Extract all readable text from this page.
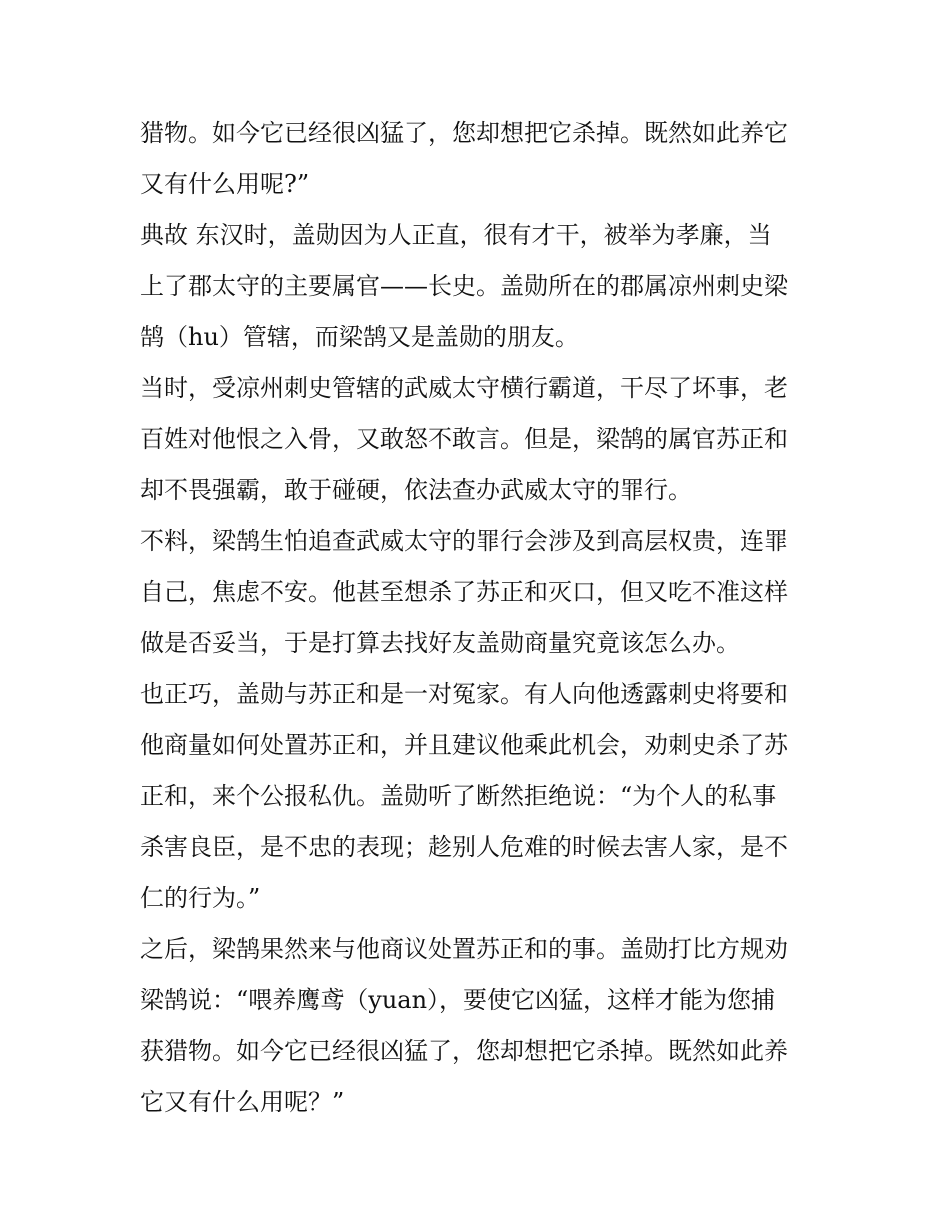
猎物。如今它已经很凶猛了，您却想把它杀掉。既然如此养它

又有什么用呢?”

典故 东汉时，盖勋因为人正直，很有才干，被举为孝廉，当

上了郡太守的主要属官——长史。盖勋所在的郡属凉州刺史梁

鹄（hu）管辖，而梁鹄又是盖勋的朋友。

当时，受凉州刺史管辖的武威太守横行霸道，干尽了坏事，老

百姓对他恨之入骨，又敢怒不敢言。但是，梁鹄的属官苏正和

却不畏强霸，敢于碰硬，依法查办武威太守的罪行。

不料，梁鹄生怕追查武威太守的罪行会涉及到高层权贵，连罪

自己，焦虑不安。他甚至想杀了苏正和灭口，但又吃不准这样

做是否妥当，于是打算去找好友盖勋商量究竟该怎么办。

也正巧，盖勋与苏正和是一对冤家。有人向他透露刺史将要和

他商量如何处置苏正和，并且建议他乘此机会，劝刺史杀了苏

正和，来个公报私仇。盖勋听了断然拒绝说：“为个人的私事

杀害良臣，是不忠的表现；趁别人危难的时候去害人家，是不

仁的行为。”

之后，梁鹄果然来与他商议处置苏正和的事。盖勋打比方规劝

梁鹄说：“喂养鹰鸢（yuan），要使它凶猛，这样才能为您捕

获猎物。如今它已经很凶猛了，您却想把它杀掉。既然如此养

它又有什么用呢？”
